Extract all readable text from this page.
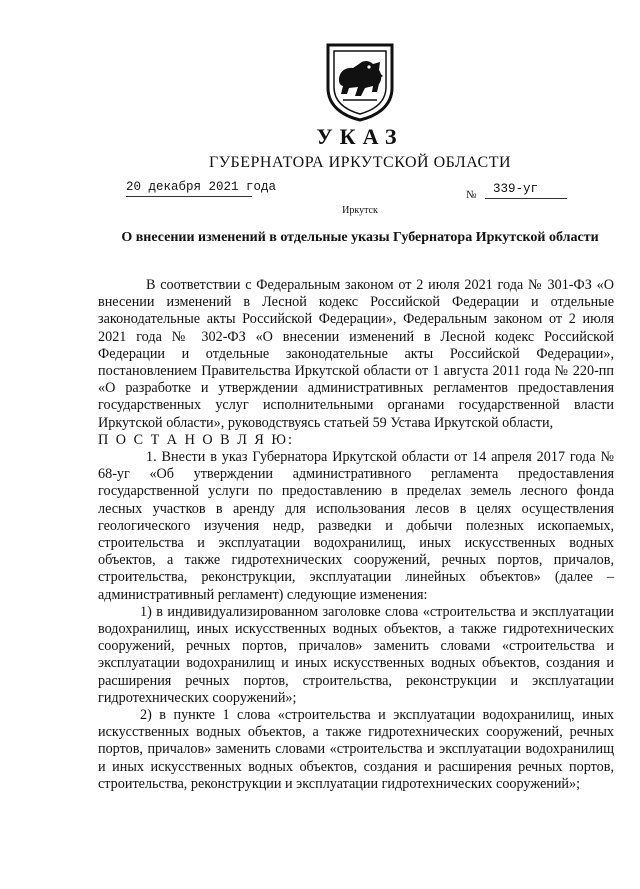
УКАЗ
ГУБЕРНАТОРА ИРКУТСКОЙ ОБЛАСТИ
20 декабря 2021 года
№ 339-уг
Иркутск
О внесении изменений в отдельные указы Губернатора Иркутской области

В соответствии с Федеральным законом от 2 июля 2021 года № 301-ФЗ «О внесении изменений в Лесной кодекс Российской Федерации и отдельные законодательные акты Российской Федерации», Федеральным законом от 2 июля 2021 года № 302-ФЗ «О внесении изменений в Лесной кодекс Российской Федерации и отдельные законодательные акты Российской Федерации», постановлением Правительства Иркутской области от 1 августа 2011 года № 220-пп «О разработке и утверждении административных регламентов предоставления государственных услуг исполнительными органами государственной власти Иркутской области», руководствуясь статьей 59 Устава Иркутской области,

П О С Т А Н О В Л Я Ю:

1. Внести в указ Губернатора Иркутской области от 14 апреля 2017 года № 68-уг «Об утверждении административного регламента предоставления государственной услуги по предоставлению в пределах земель лесного фонда лесных участков в аренду для использования лесов в целях осуществления геологического изучения недр, разведки и добычи полезных ископаемых, строительства и эксплуатации водохранилищ, иных искусственных водных объектов, а также гидротехнических сооружений, речных портов, причалов, строительства, реконструкции, эксплуатации линейных объектов» (далее – административный регламент) следующие изменения:

1) в индивидуализированном заголовке слова «строительства и эксплуатации водохранилищ, иных искусственных водных объектов, а также гидротехнических сооружений, речных портов, причалов» заменить словами «строительства и эксплуатации водохранилищ и иных искусственных водных объектов, создания и расширения речных портов, строительства, реконструкции и эксплуатации гидротехнических сооружений»;

2) в пункте 1 слова «строительства и эксплуатации водохранилищ, иных искусственных водных объектов, а также гидротехнических сооружений, речных портов, причалов» заменить словами «строительства и эксплуатации водохранилищ и иных искусственных водных объектов, создания и расширения речных портов, строительства, реконструкции и эксплуатации гидротехнических сооружений»;
